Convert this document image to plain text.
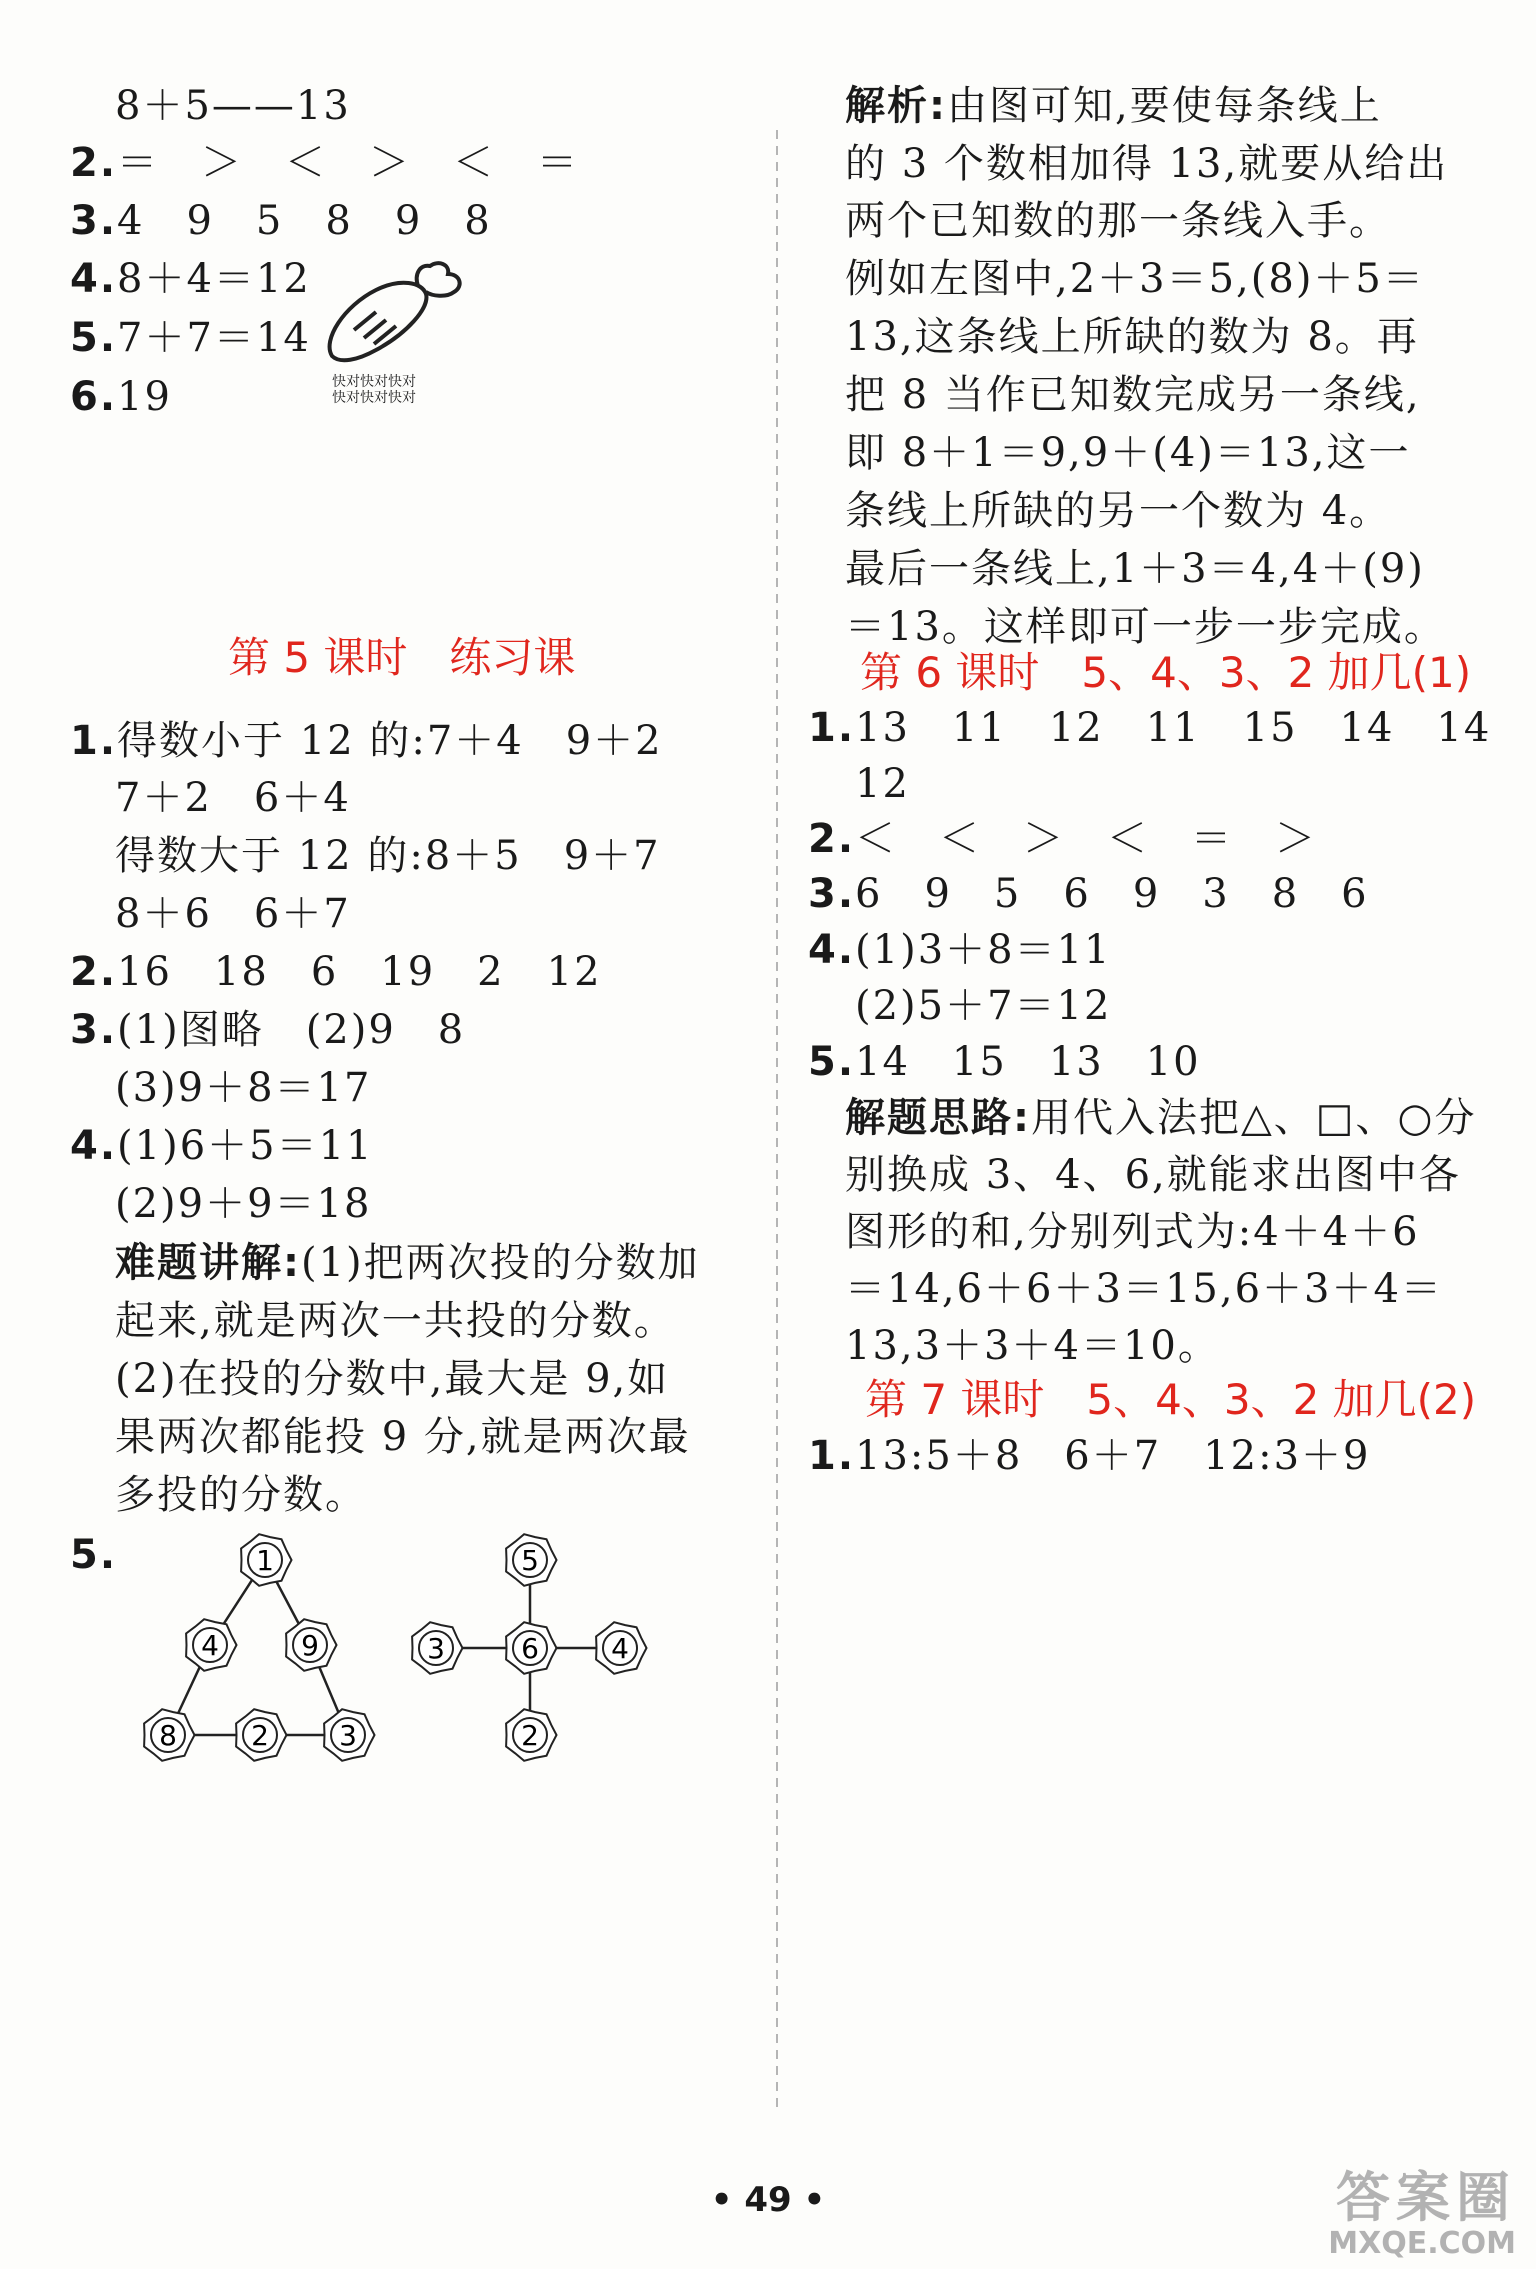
8＋5——13
2.＝　＞　＜　＞　＜　＝
3.4　9　5　8　9　8
4.8＋4＝12
5.7＋7＝14
6.19	快对快对快对
快对快对快对
第 5 课时　练习课
1.得数小于 12 的:7＋4　9＋2
7＋2　6＋4
得数大于 12 的:8＋5　9＋7
8＋6　6＋7
2.16　18　6　19　2　12
3.(1)图略　(2)9　8
(3)9＋8＝17
4.(1)6＋5＝11
(2)9＋9＝18
难题讲解:(1)把两次投的分数加
起来,就是两次一共投的分数。
(2)在投的分数中,最大是 9,如
果两次都能投 9 分,就是两次最
多投的分数。
5.	1
4	9
8	2	3
5
3	6	4
2
解析:由图可知,要使每条线上
的 3 个数相加得 13,就要从给出
两个已知数的那一条线入手。
例如左图中,2＋3＝5,(8)＋5＝
13,这条线上所缺的数为 8。再
把 8 当作已知数完成另一条线,
即 8＋1＝9,9＋(4)＝13,这一
条线上所缺的另一个数为 4。
最后一条线上,1＋3＝4,4＋(9)
＝13。这样即可一步一步完成。
第 6 课时　5、4、3、2 加几(1)
1.13　11　12　11　15　14　14
12
2.＜　＜　＞　＜　＝　＞
3.6　9　5　6　9　3　8　6
4.(1)3＋8＝11
(2)5＋7＝12
5.14　15　13　10
解题思路:用代入法把△、□、○分
别换成 3、4、6,就能求出图中各
图形的和,分别列式为:4＋4＋6
＝14,6＋6＋3＝15,6＋3＋4＝
13,3＋3＋4＝10。
第 7 课时　5、4、3、2 加几(2)
1.13:5＋8　6＋7　12:3＋9
• 49 •	答案圈
MXQE.COM
